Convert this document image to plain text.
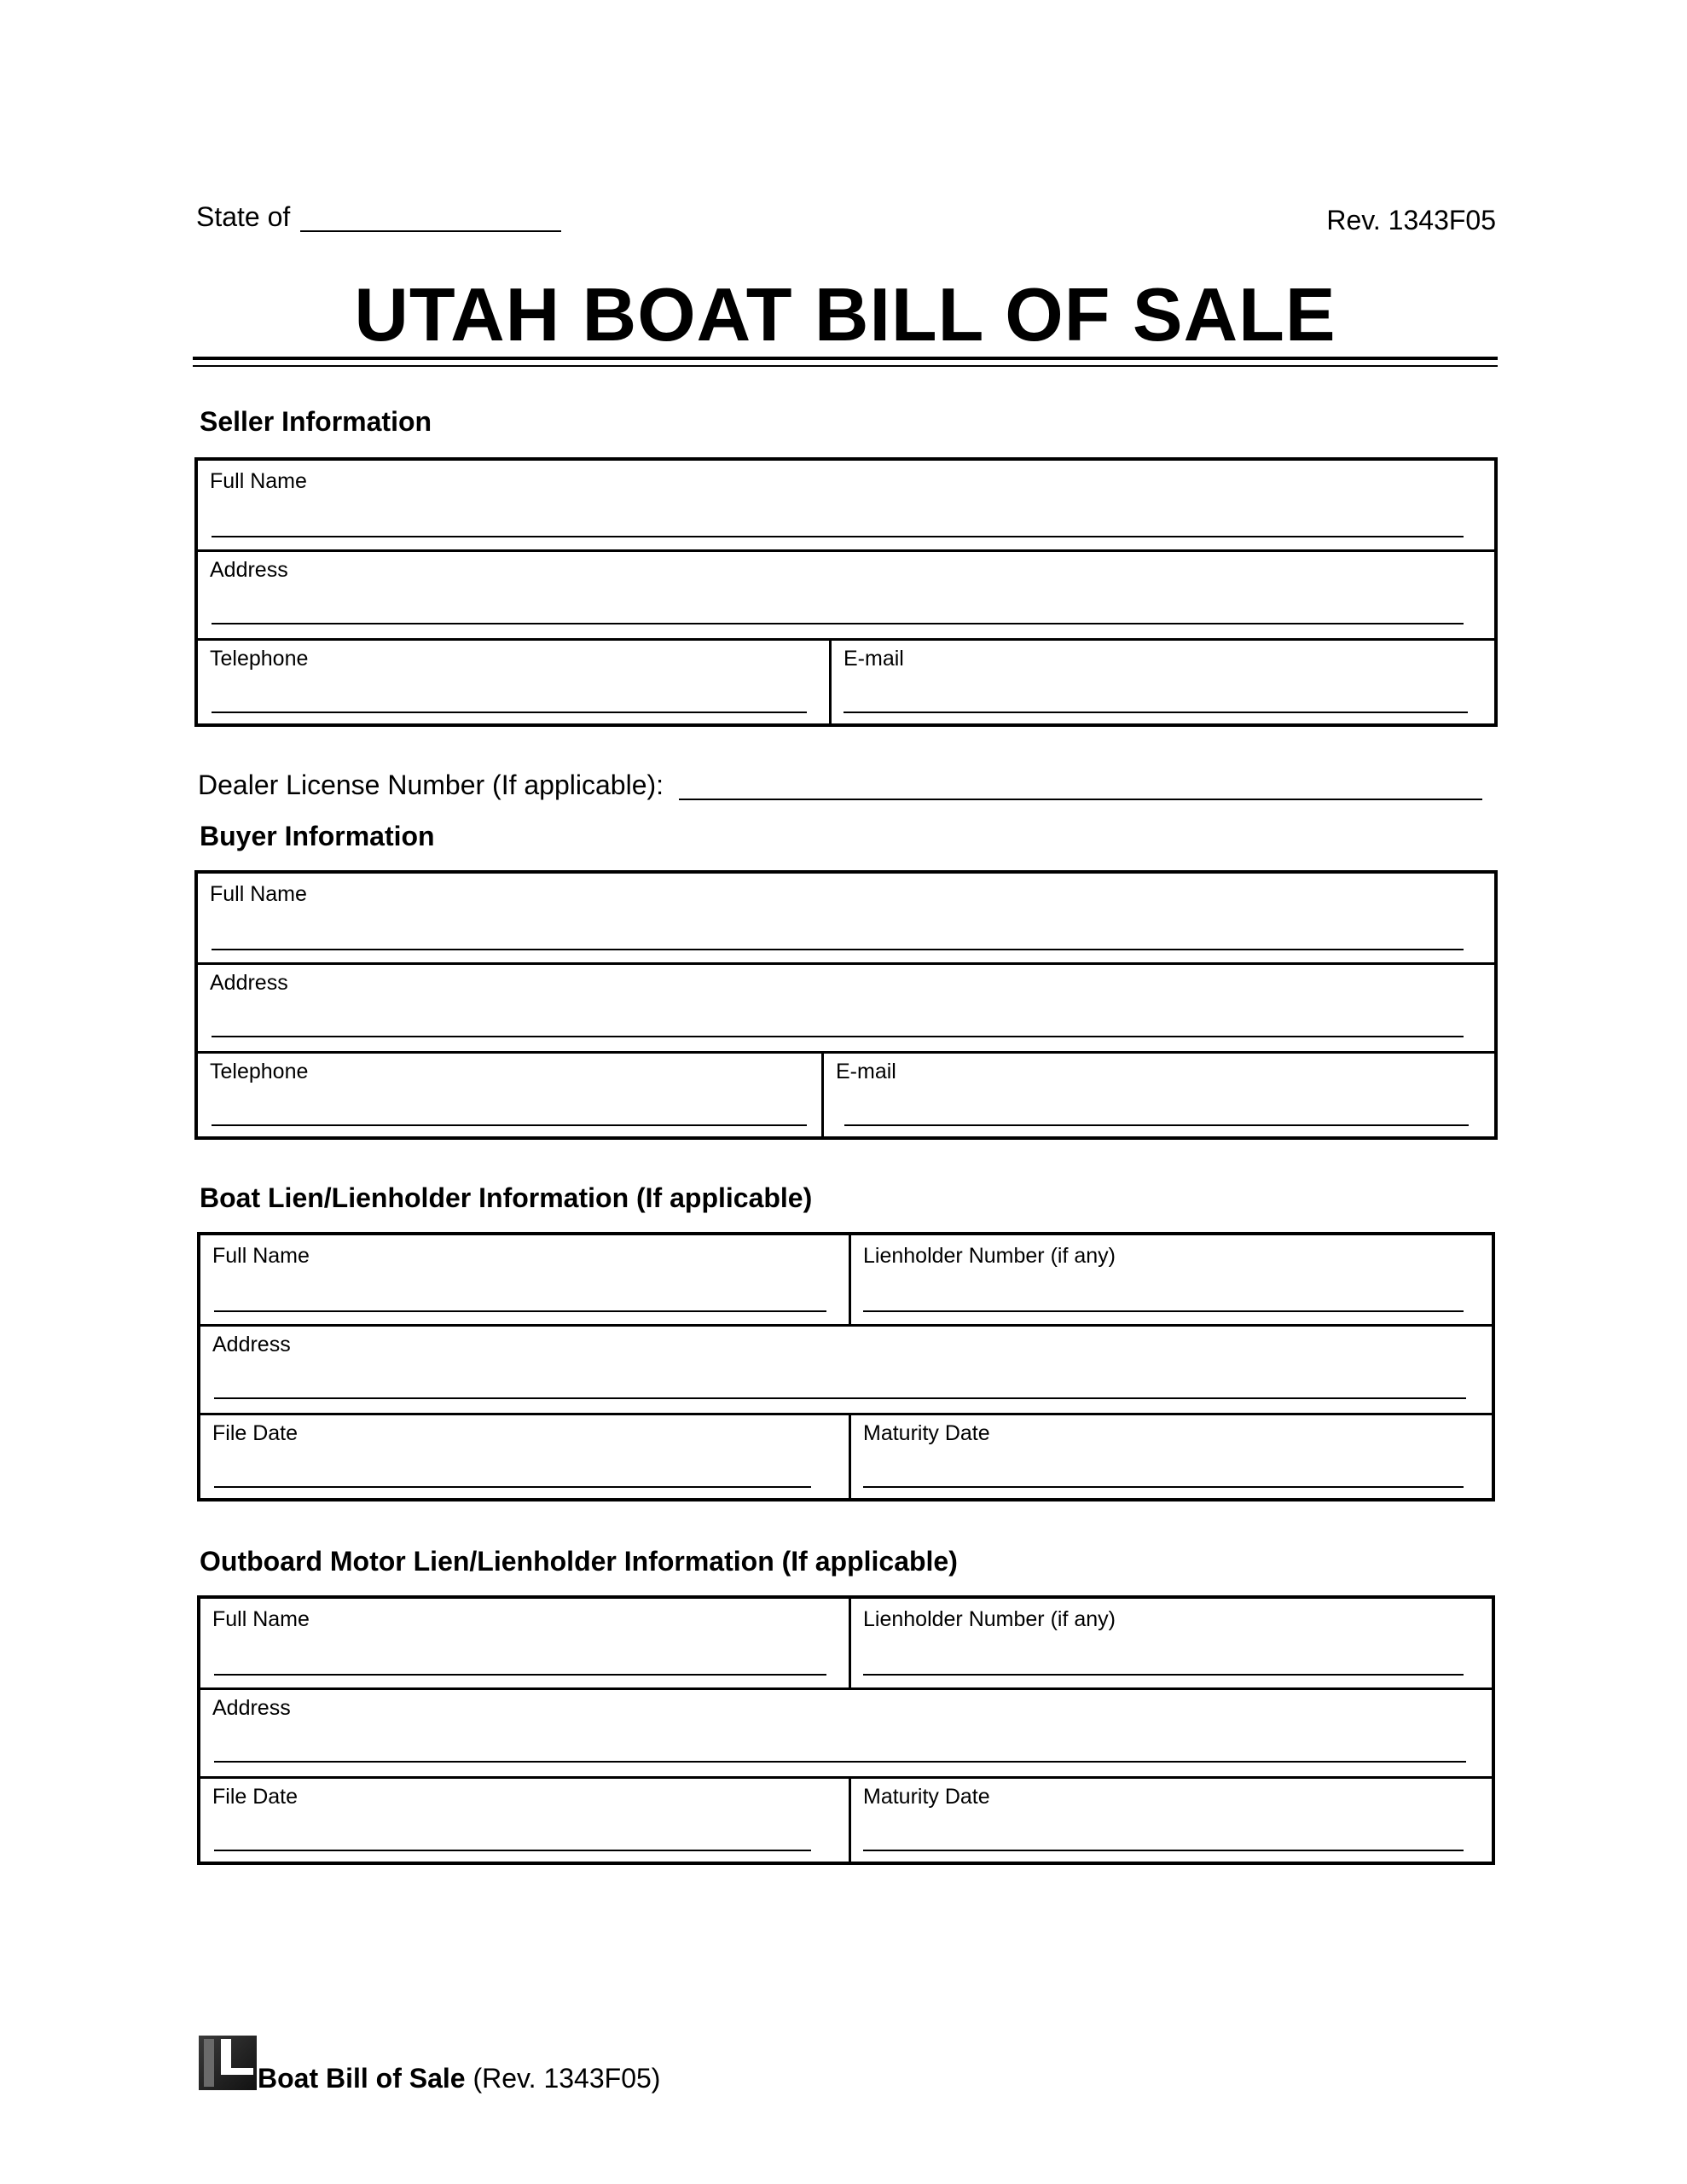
State of	Rev. 1343F05
UTAH BOAT BILL OF SALE
Seller Information
Full Name
Address
Telephone	E-mail
Dealer License Number (If applicable):
Buyer Information
Full Name
Address
Telephone	E-mail
Boat Lien/Lienholder Information (If applicable)
Full Name	Lienholder Number (if any)
Address
File Date	Maturity Date
Outboard Motor Lien/Lienholder Information (If applicable)
Full Name	Lienholder Number (if any)
Address
File Date	Maturity Date
Boat Bill of Sale (Rev. 1343F05)
